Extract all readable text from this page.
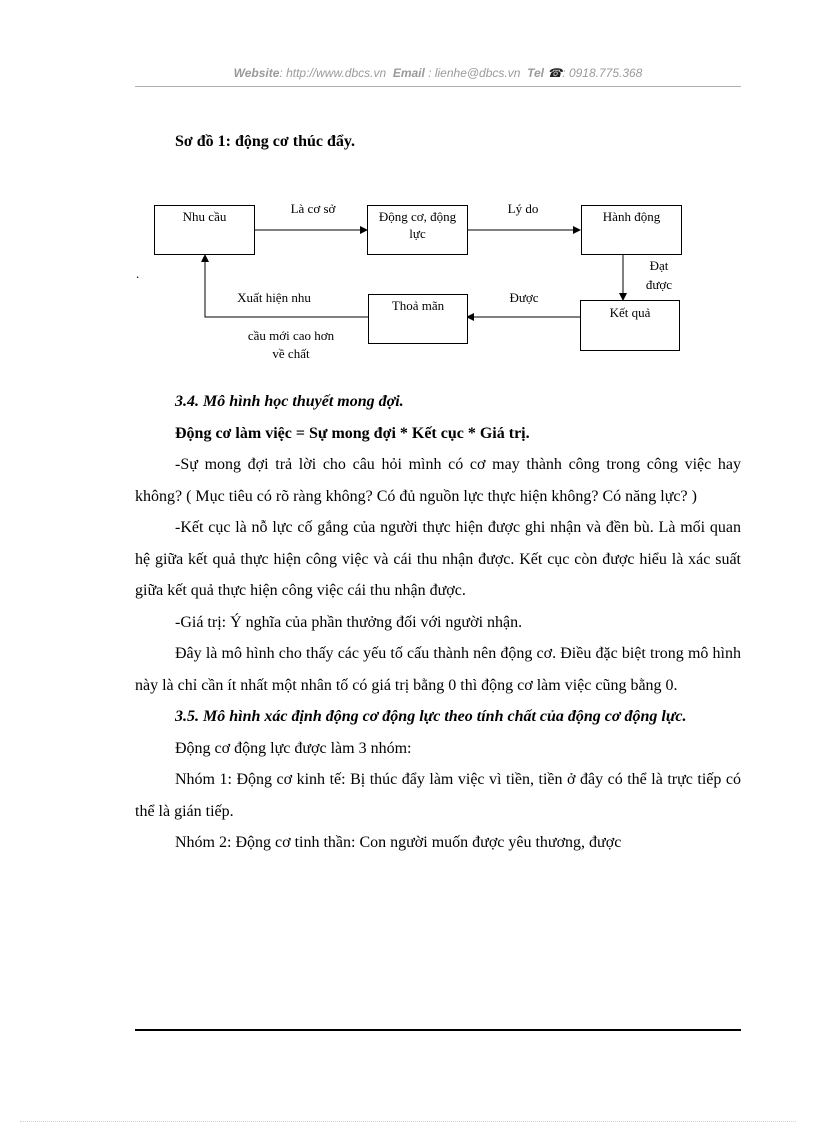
Website: http://www.dbcs.vn Email : lienhe@dbcs.vn Tel ☎: 0918.775.368
Sơ đồ 1: động cơ thúc đẩy.
Nhu cầu	Động cơ, động
lực
Hành động
Kết quả
Thoả mãn
Là cơ sở	Lý do
Đạt
được
Được
Xuất hiện nhu
cầu mới cao hơn
về chất
.

3.4. Mô hình học thuyết mong đợi.

Động cơ làm việc = Sự mong đợi * Kết cục * Giá trị.

-Sự mong đợi trả lời cho câu hỏi mình có cơ may thành công trong công việc hay không? ( Mục tiêu có rõ ràng không? Có đủ nguồn lực thực hiện không? Có năng lực? )

-Kết cục là nỗ lực cố gắng của người thực hiện được ghi nhận và đền bù. Là mối quan hệ giữa kết quả thực hiện công việc và cái thu nhận được. Kết cục còn được hiểu là xác suất giữa kết quả thực hiện công việc cái thu nhận được.

-Giá trị: Ý nghĩa của phần thưởng đối với người nhận.

Đây là mô hình cho thấy các yếu tố cấu thành nên động cơ. Điều đặc biệt trong mô hình này là chỉ cần ít nhất một nhân tố có giá trị bằng 0 thì động cơ làm việc cũng bằng 0.

3.5. Mô hình xác định động cơ động lực theo tính chất của động cơ động lực.

Động cơ động lực được làm 3 nhóm:

Nhóm 1: Động cơ kinh tế: Bị thúc đẩy làm việc vì tiền, tiền ở đây có thể là trực tiếp có thể là gián tiếp.

Nhóm 2: Động cơ tinh thần: Con người muốn được yêu thương, được
